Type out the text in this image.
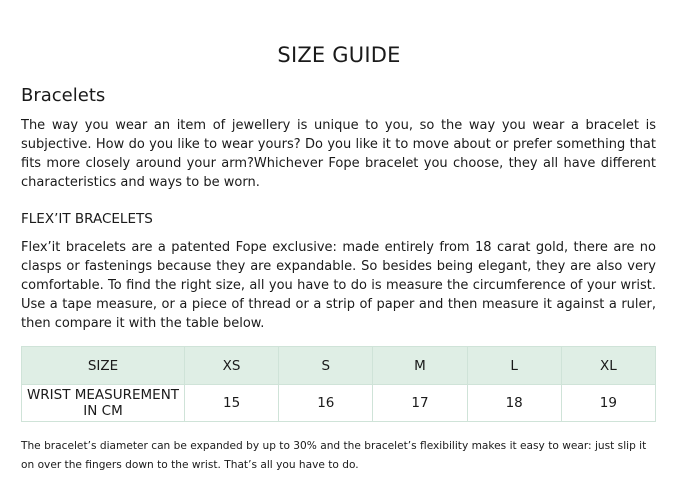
SIZE GUIDE
Bracelets

The way you wear an item of jewellery is unique to you, so the way you wear a bracelet is subjective. How do you like to wear yours? Do you like it to move about or prefer something that fits more closely around your arm?Whichever Fope bracelet you choose, they all have different characteristics and ways to be worn.

FLEX’IT BRACELETS

Flex’it bracelets are a patented Fope exclusive: made entirely from 18 carat gold, there are no clasps or fastenings because they are expandable. So besides being elegant, they are also very comfortable. To find the right size, all you have to do is measure the circumference of your wrist. Use a tape measure, or a piece of thread or a strip of paper and then measure it against a ruler, then compare it with the table below.

SIZE	XS	S	M	L	XL
WRIST MEASUREMENT IN CM	15	16	17	18	19

The bracelet’s diameter can be expanded by up to 30% and the bracelet’s flexibility makes it easy to wear: just slip it on over the fingers down to the wrist. That’s all you have to do.
